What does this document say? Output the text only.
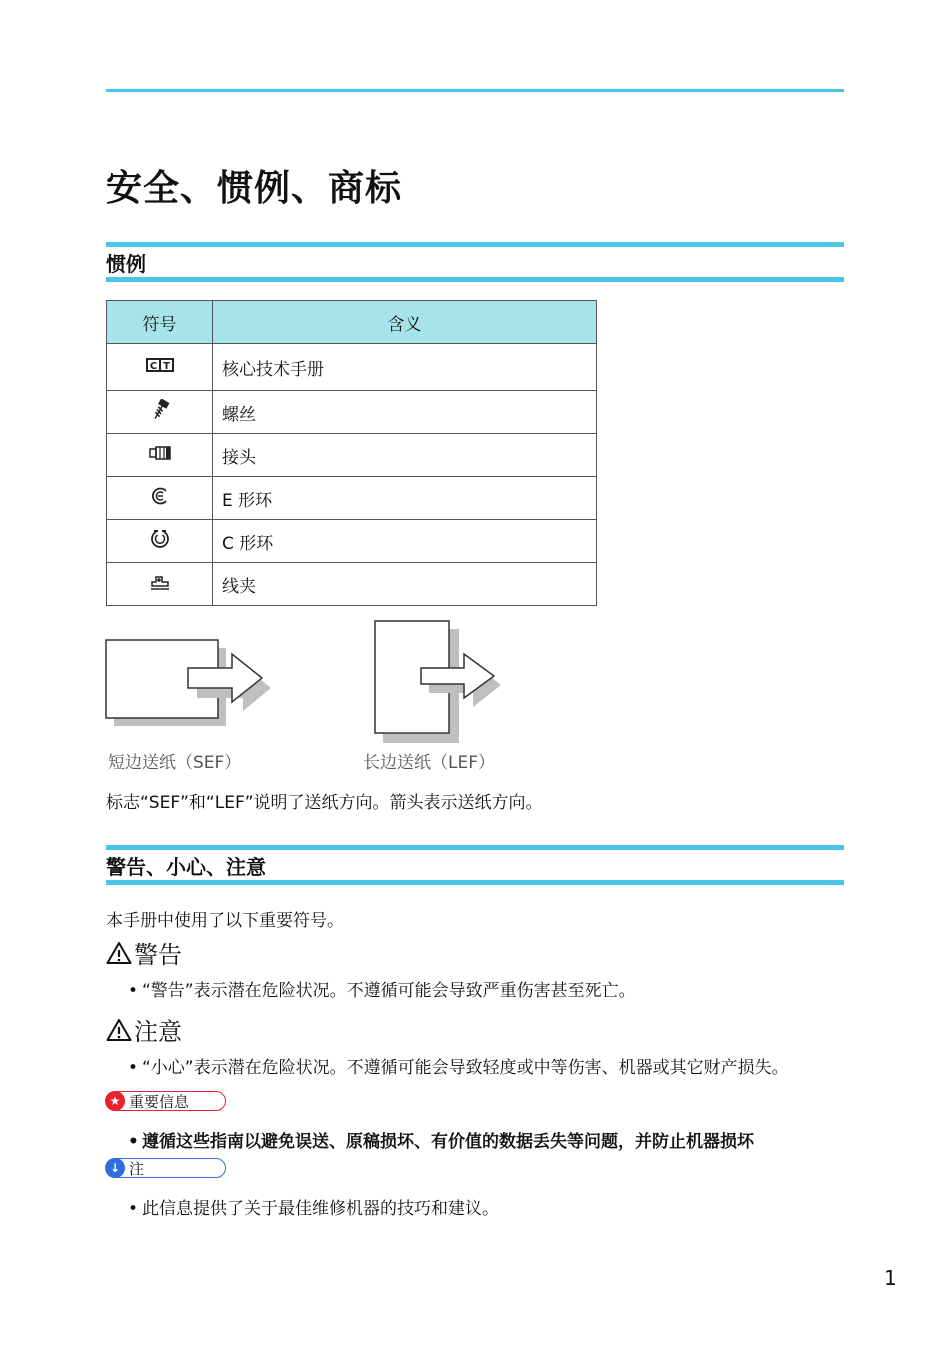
安全、惯例、商标
惯例
符号	含义

C T	核心技术手册
	螺丝
	接头
	E 形环
	C 形环
	线夹
短边送纸（SEF）	长边送纸（LEF）

标志“SEF”和“LEF”说明了送纸方向。箭头表示送纸方向。

警告、小心、注意

本手册中使用了以下重要符号。

警告
• “警告”表示潜在危险状况。不遵循可能会导致严重伤害甚至死亡。
注意
• “小心”表示潜在危险状况。不遵循可能会导致轻度或中等伤害、机器或其它财产损失。
★ 重要信息
• 遵循这些指南以避免误送、原稿损坏、有价值的数据丢失等问题，并防止机器损坏
↓ 注
• 此信息提供了关于最佳维修机器的技巧和建议。
1
